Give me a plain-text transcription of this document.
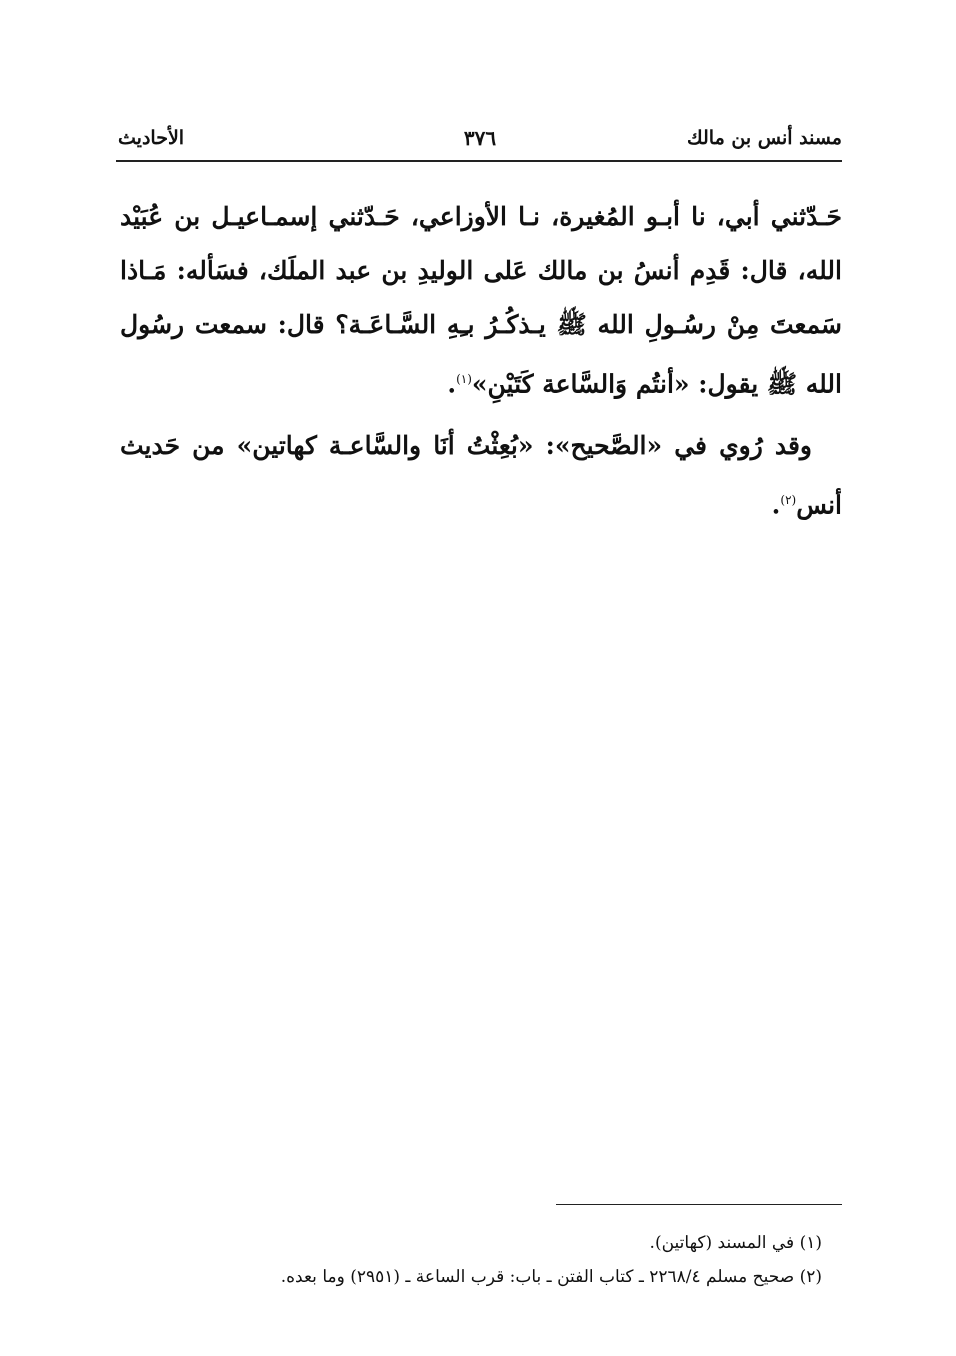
مسند أنس بن مالك
٣٧٦
الأحاديث

حَـدّثني أبي، نا أبـو المُغيرة، نـا الأوزاعي، حَـدّثني إسمـاعيـل بن عُبَيْد الله، قال: قَدِم أنسُ بن مالك عَلى الوليدِ بن عبد الملَك، فسَأله: مَـاذا سَمعتَ مِنْ رسُـولِ الله ﷺ يـذكُـرُ بـِهِ السَّـاعَـة؟ قال: سمعت رسُول الله ﷺ يقول: «أنتُم وَالسَّاعة كَتَيْنِ»$^{(١)}$.

وقد رُوي في «الصَّحيح»: «بُعِثْتُ أنَا والسَّاعـة كهاتين» من حَديث أنس$^{(٢)}$.

(١) في المسند (كهاتين).
(٢) صحيح مسلم ٢٢٦٨/٤ ـ كتاب الفتن ـ باب: قرب الساعة ـ (٢٩٥١) وما بعده.
